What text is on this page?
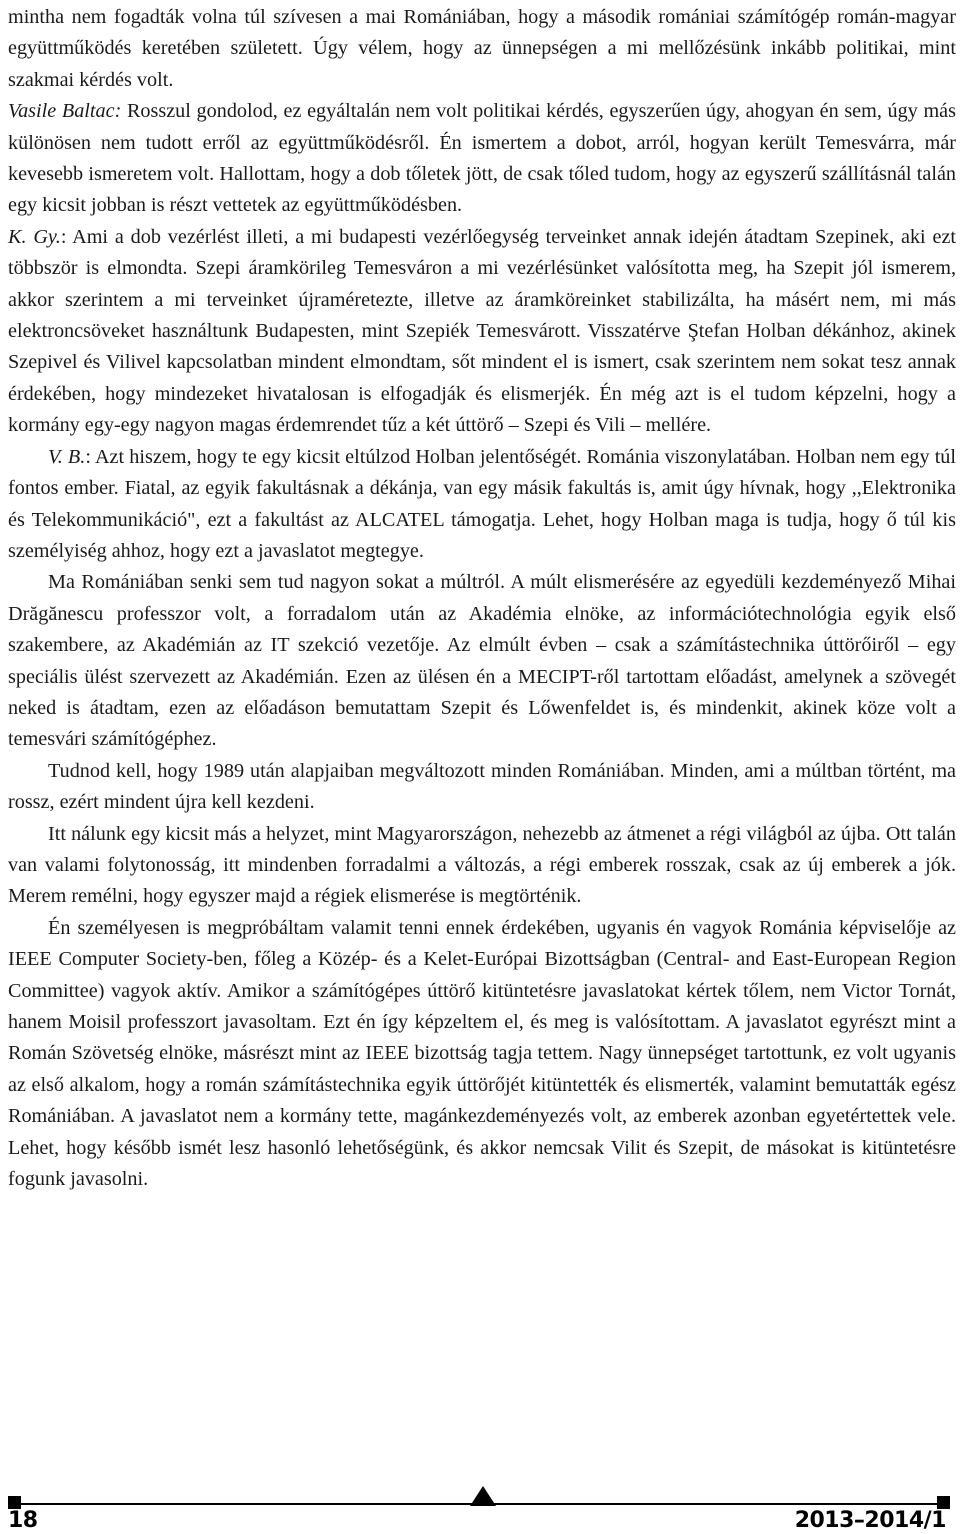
mintha nem fogadták volna túl szívesen a mai Romániában, hogy a második romániai számítógép román-magyar együttműködés keretében született. Úgy vélem, hogy az ünnepségen a mi mellőzésünk inkább politikai, mint szakmai kérdés volt.

Vasile Baltac: Rosszul gondolod, ez egyáltalán nem volt politikai kérdés, egyszerűen úgy, ahogyan én sem, úgy más különösen nem tudott erről az együttműködésről. Én ismertem a dobot, arról, hogyan került Temesvárra, már kevesebb ismeretem volt. Hallottam, hogy a dob tőletek jött, de csak tőled tudom, hogy az egyszerű szállításnál talán egy kicsit jobban is részt vettetek az együttműködésben.

K. Gy.: Ami a dob vezérlést illeti, a mi budapesti vezérlőegység terveinket annak idején átadtam Szepinek, aki ezt többször is elmondta. Szepi áramkörileg Temesváron a mi vezérlésünket valósította meg, ha Szepit jól ismerem, akkor szerintem a mi terveinket újraméretezte, illetve az áramköreinket stabilizálta, ha másért nem, mi más elektroncsöveket használtunk Budapesten, mint Szepiék Temesvárott. Visszatérve Ştefan Holban dékánhoz, akinek Szepivel és Vilivel kapcsolatban mindent elmondtam, sőt mindent el is ismert, csak szerintem nem sokat tesz annak érdekében, hogy mindezeket hivatalosan is elfogadják és elismerjék. Én még azt is el tudom képzelni, hogy a kormány egy-egy nagyon magas érdemrendet tűz a két úttörő – Szepi és Vili – mellére.

V. B.: Azt hiszem, hogy te egy kicsit eltúlzod Holban jelentőségét. Románia viszonylatában. Holban nem egy túl fontos ember. Fiatal, az egyik fakultásnak a dékánja, van egy másik fakultás is, amit úgy hívnak, hogy ,,Elektronika és Telekommunikáció", ezt a fakultást az ALCATEL támogatja. Lehet, hogy Holban maga is tudja, hogy ő túl kis személyiség ahhoz, hogy ezt a javaslatot megtegye.

Ma Romániában senki sem tud nagyon sokat a múltról. A múlt elismerésére az egyedüli kezdeményező Mihai Drăgănescu professzor volt, a forradalom után az Akadémia elnöke, az információtechnológia egyik első szakembere, az Akadémián az IT szekció vezetője. Az elmúlt évben – csak a számítástechnika úttörőiről – egy speciális ülést szervezett az Akadémián. Ezen az ülésen én a MECIPT-ről tartottam előadást, amelynek a szövegét neked is átadtam, ezen az előadáson bemutattam Szepit és Lőwenfeldet is, és mindenkit, akinek köze volt a temesvári számítógéphez.

Tudnod kell, hogy 1989 után alapjaiban megváltozott minden Romániában. Minden, ami a múltban történt, ma rossz, ezért mindent újra kell kezdeni.

Itt nálunk egy kicsit más a helyzet, mint Magyarországon, nehezebb az átmenet a régi világból az újba. Ott talán van valami folytonosság, itt mindenben forradalmi a változás, a régi emberek rosszak, csak az új emberek a jók. Merem remélni, hogy egyszer majd a régiek elismerése is megtörténik.

Én személyesen is megpróbáltam valamit tenni ennek érdekében, ugyanis én vagyok Románia képviselője az IEEE Computer Society-ben, főleg a Közép- és a Kelet-Európai Bizottságban (Central- and East-European Region Committee) vagyok aktív. Amikor a számítógépes úttörő kitüntetésre javaslatokat kértek tőlem, nem Victor Tornát, hanem Moisil professzort javasoltam. Ezt én így képzeltem el, és meg is valósítottam. A javaslatot egyrészt mint a Román Szövetség elnöke, másrészt mint az IEEE bizottság tagja tettem. Nagy ünnepséget tartottunk, ez volt ugyanis az első alkalom, hogy a román számítástechnika egyik úttörőjét kitüntették és elismerték, valamint bemutatták egész Romániában. A javaslatot nem a kormány tette, magánkezdeményezés volt, az emberek azonban egyetértettek vele. Lehet, hogy később ismét lesz hasonló lehetőségünk, és akkor nemcsak Vilit és Szepit, de másokat is kitüntetésre fogunk javasolni.

18	2013–2014/1
